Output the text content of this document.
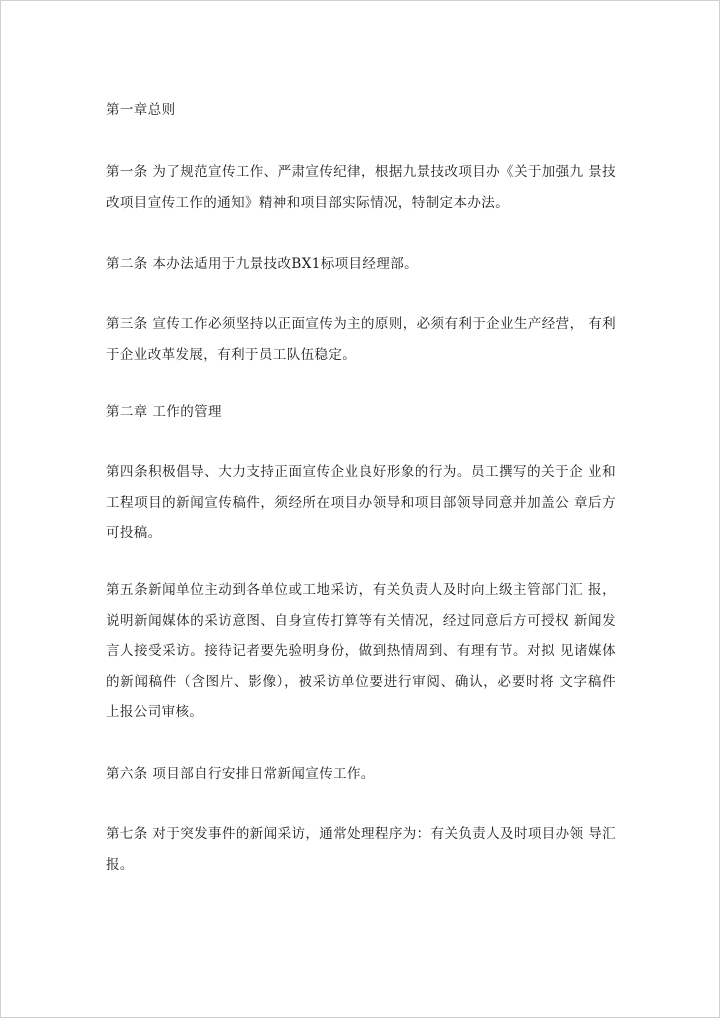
第一章总则

第一条 为了规范宣传工作、严肃宣传纪律，根据九景技改项目办《关于加强九 景技改项目宣传工作的通知》精神和项目部实际情况，特制定本办法。

第二条 本办法适用于九景技改BX1标项目经理部。

第三条 宣传工作必须坚持以正面宣传为主的原则，必须有利于企业生产经营， 有利于企业改革发展，有利于员工队伍稳定。

第二章 工作的管理

第四条积极倡导、大力支持正面宣传企业良好形象的行为。员工撰写的关于企 业和工程项目的新闻宣传稿件，须经所在项目办领导和项目部领导同意并加盖公 章后方可投稿。

第五条新闻单位主动到各单位或工地采访，有关负责人及时向上级主管部门汇 报，说明新闻媒体的采访意图、自身宣传打算等有关情况，经过同意后方可授权 新闻发言人接受采访。接待记者要先验明身份，做到热情周到、有理有节。对拟 见诸媒体的新闻稿件（含图片、影像），被采访单位要进行审阅、确认，必要时将 文字稿件上报公司审核。

第六条 项目部自行安排日常新闻宣传工作。

第七条 对于突发事件的新闻采访，通常处理程序为：有关负责人及时项目办领 导汇报。
